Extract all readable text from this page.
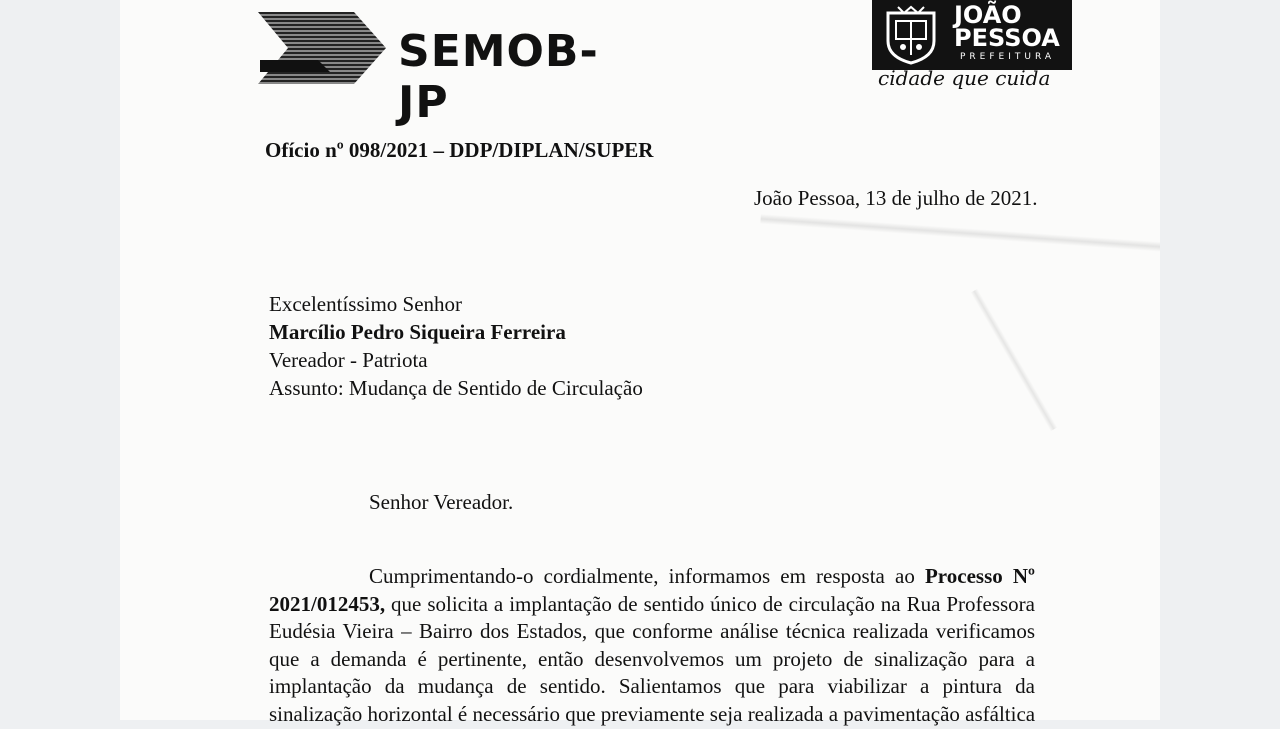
SEMOB-JP
JOÃO
PESSOA
PREFEITURA
cidade que cuida
Ofício nº 098/2021 – DDP/DIPLAN/SUPER
João Pessoa, 13 de julho de 2021.
Excelentíssimo Senhor
Marcílio Pedro Siqueira Ferreira
Vereador - Patriota
Assunto: Mudança de Sentido de Circulação
Senhor Vereador.
Cumprimentando-o cordialmente, informamos em resposta ao Processo Nº
2021/012453, que solicita a implantação de sentido único de circulação na Rua Professora
Eudésia Vieira – Bairro dos Estados, que conforme análise técnica realizada verificamos
que a demanda é pertinente, então desenvolvemos um projeto de sinalização para a
implantação da mudança de sentido. Salientamos que para viabilizar a pintura da
sinalização horizontal é necessário que previamente seja realizada a pavimentação asfáltica
